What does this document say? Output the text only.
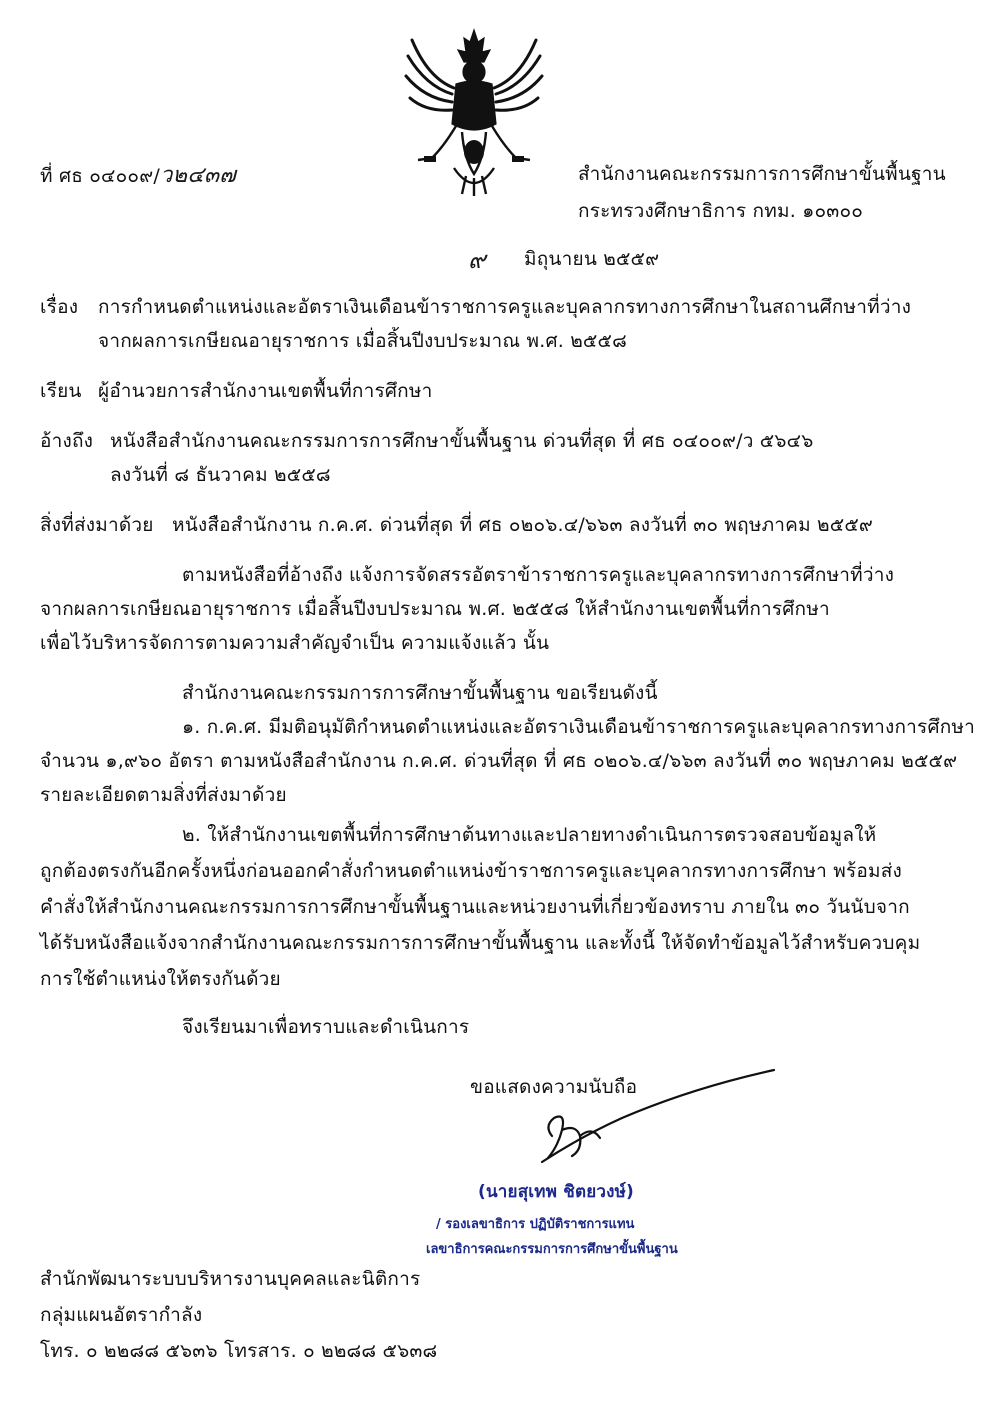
ที่ ศธ ๐๔๐๐๙/ว๒๔๓๗	สำนักงานคณะกรรมการการศึกษาขั้นพื้นฐาน
กระทรวงศึกษาธิการ กทม. ๑๐๓๐๐
๙ มิถุนายน ๒๕๕๙
เรื่อง การกำหนดตำแหน่งและอัตราเงินเดือนข้าราชการครูและบุคลากรทางการศึกษาในสถานศึกษาที่ว่าง
จากผลการเกษียณอายุราชการ เมื่อสิ้นปีงบประมาณ พ.ศ. ๒๕๕๘
เรียน ผู้อำนวยการสำนักงานเขตพื้นที่การศึกษา
อ้างถึง หนังสือสำนักงานคณะกรรมการการศึกษาขั้นพื้นฐาน ด่วนที่สุด ที่ ศธ ๐๔๐๐๙/ว ๕๖๔๖
ลงวันที่ ๘ ธันวาคม ๒๕๕๘
สิ่งที่ส่งมาด้วย หนังสือสำนักงาน ก.ค.ศ. ด่วนที่สุด ที่ ศธ ๐๒๐๖.๔/๖๖๓ ลงวันที่ ๓๐ พฤษภาคม ๒๕๕๙
ตามหนังสือที่อ้างถึง แจ้งการจัดสรรอัตราข้าราชการครูและบุคลากรทางการศึกษาที่ว่าง
จากผลการเกษียณอายุราชการ เมื่อสิ้นปีงบประมาณ พ.ศ. ๒๕๕๘ ให้สำนักงานเขตพื้นที่การศึกษา
เพื่อไว้บริหารจัดการตามความสำคัญจำเป็น ความแจ้งแล้ว นั้น
สำนักงานคณะกรรมการการศึกษาขั้นพื้นฐาน ขอเรียนดังนี้
๑. ก.ค.ศ. มีมติอนุมัติกำหนดตำแหน่งและอัตราเงินเดือนข้าราชการครูและบุคลากรทางการศึกษา
จำนวน ๑,๙๖๐ อัตรา ตามหนังสือสำนักงาน ก.ค.ศ. ด่วนที่สุด ที่ ศธ ๐๒๐๖.๔/๖๖๓ ลงวันที่ ๓๐ พฤษภาคม ๒๕๕๙
รายละเอียดตามสิ่งที่ส่งมาด้วย
๒. ให้สำนักงานเขตพื้นที่การศึกษาต้นทางและปลายทางดำเนินการตรวจสอบข้อมูลให้
ถูกต้องตรงกันอีกครั้งหนึ่งก่อนออกคำสั่งกำหนดตำแหน่งข้าราชการครูและบุคลากรทางการศึกษา พร้อมส่ง
คำสั่งให้สำนักงานคณะกรรมการการศึกษาขั้นพื้นฐานและหน่วยงานที่เกี่ยวข้องทราบ ภายใน ๓๐ วันนับจาก
ได้รับหนังสือแจ้งจากสำนักงานคณะกรรมการการศึกษาขั้นพื้นฐาน และทั้งนี้ ให้จัดทำข้อมูลไว้สำหรับควบคุม
การใช้ตำแหน่งให้ตรงกันด้วย
จึงเรียนมาเพื่อทราบและดำเนินการ
ขอแสดงความนับถือ
(นายสุเทพ ชิตยวงษ์)
/ รองเลขาธิการ ปฏิบัติราชการแทน
เลขาธิการคณะกรรมการการศึกษาขั้นพื้นฐาน
สำนักพัฒนาระบบบริหารงานบุคคลและนิติการ
กลุ่มแผนอัตรากำลัง
โทร. ๐ ๒๒๘๘ ๕๖๓๖ โทรสาร. ๐ ๒๒๘๘ ๕๖๓๘
